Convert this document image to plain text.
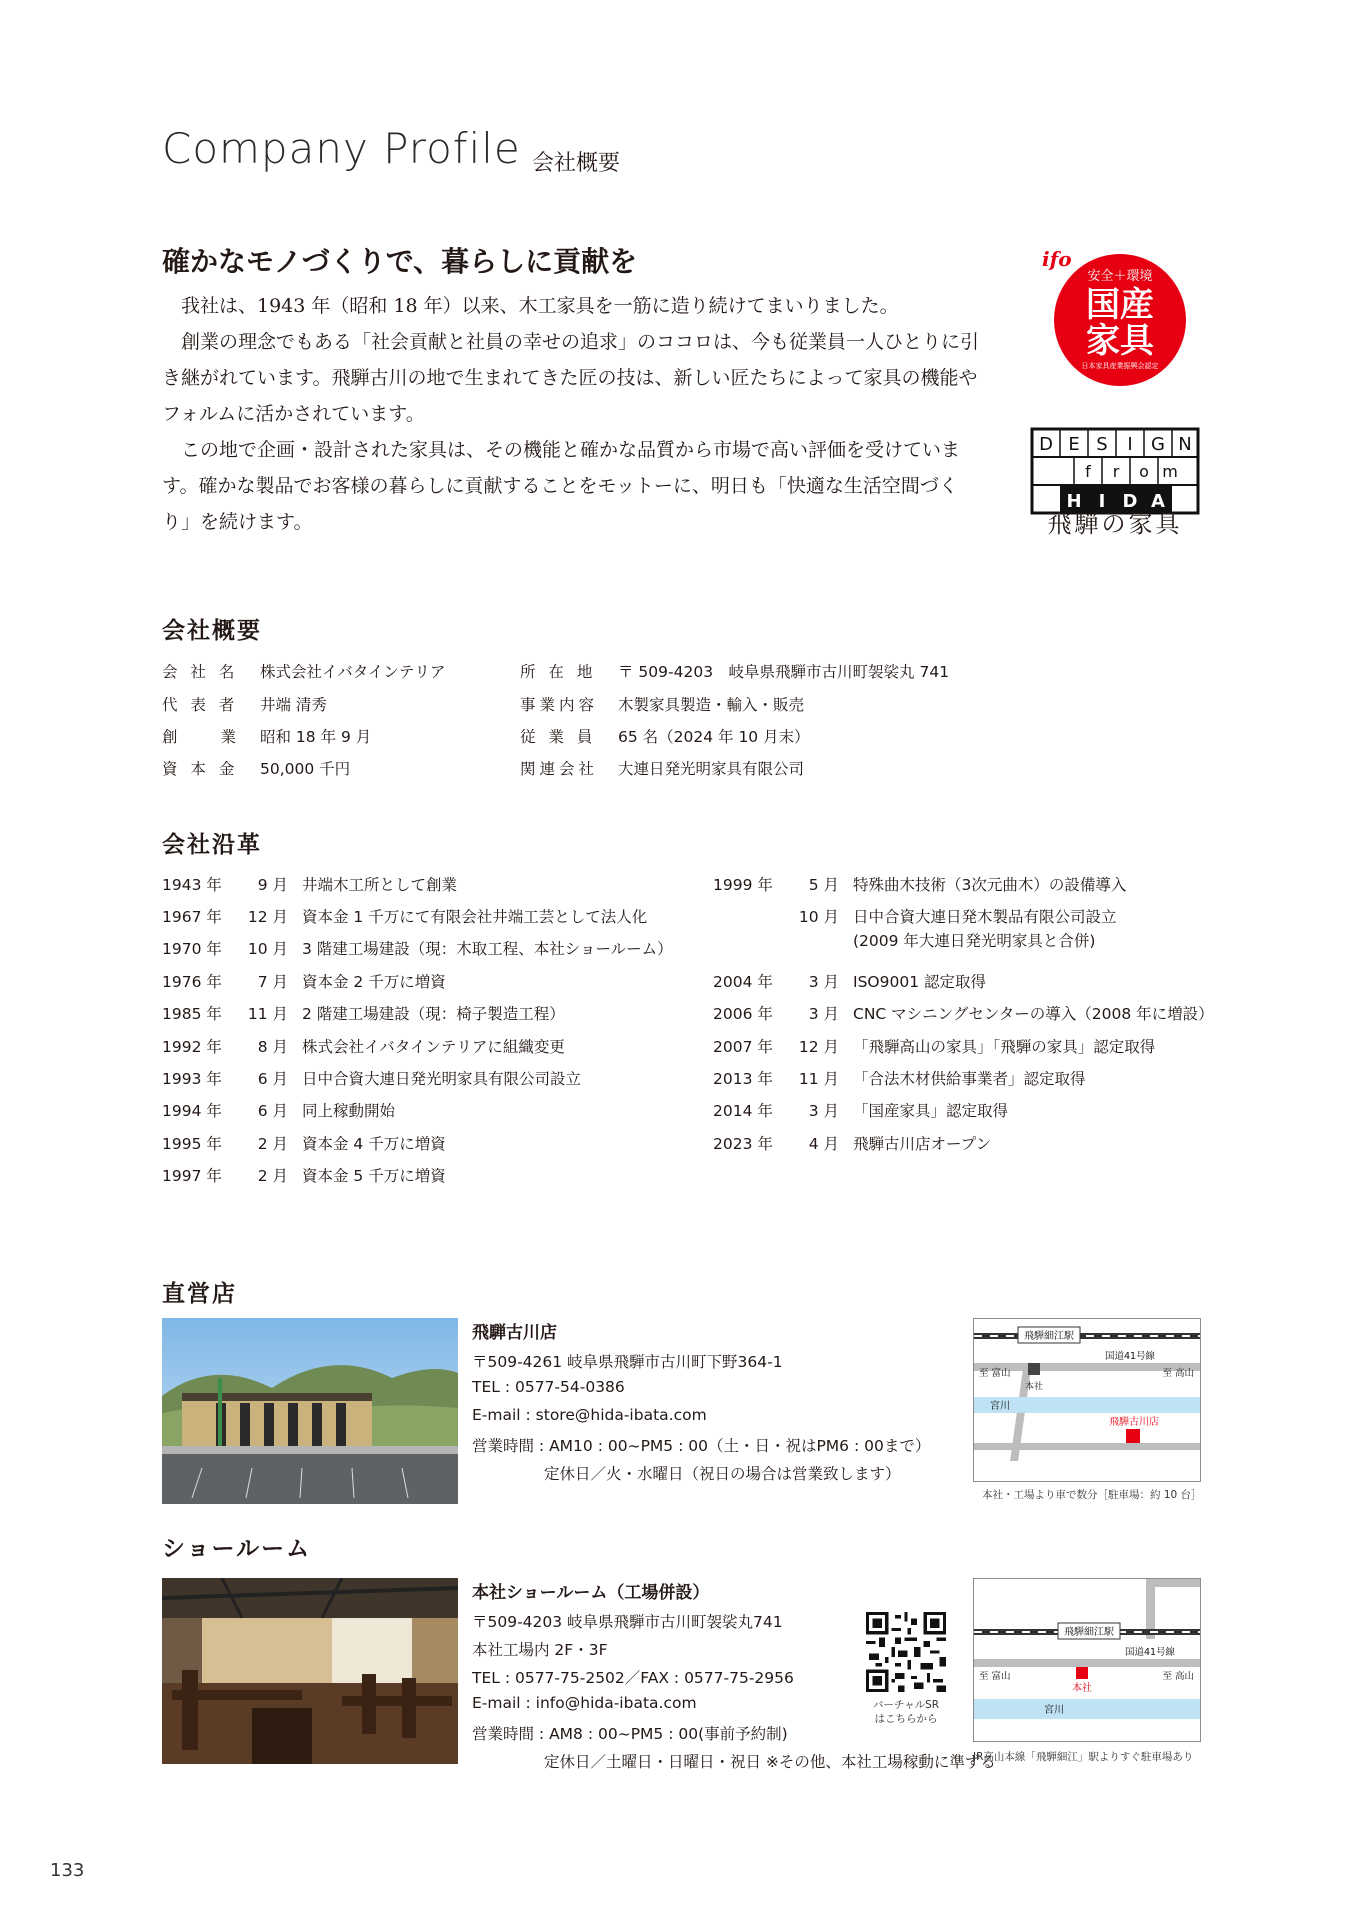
Company Profile 会社概要
確かなモノづくりで、暮らしに貢献を

我社は、1943 年（昭和 18 年）以来、木工家具を一筋に造り続けてまいりました。

創業の理念でもある「社会貢献と社員の幸せの追求」のココロは、今も従業員一人ひとりに引き継がれています。飛騨古川の地で生まれてきた匠の技は、新しい匠たちによって家具の機能やフォルムに活かされています。

この地で企画・設計された家具は、その機能と確かな品質から市場で高い評価を受けています。確かな製品でお客様の暮らしに貢献することをモットーに、明日も「快適な生活空間づくり」を続けます。

ifo
安全＋環境
国産
家具
日本家具産業振興会認定
D E S I G N
f r o m
H I D A
飛騨の家具
会社概要
会 社 名 株式会社イバタインテリア
代 表 者 井端 清秀
創　　業 昭和 18 年 9 月
資 本 金 50,000 千円
所 在 地 〒 509-4203　岐阜県飛騨市古川町袈裟丸 741
事業内容 木製家具製造・輸入・販売
従 業 員 65 名（2024 年 10 月末）
関連会社 大連日発光明家具有限公司
会社沿革
1943 年	9 月 井端木工所として創業
1967 年	12 月 資本金 1 千万にて有限会社井端工芸として法人化
1970 年	10 月 3 階建工場建設（現：木取工程、本社ショールーム）
1976 年	7 月 資本金 2 千万に増資
1985 年	11 月 2 階建工場建設（現：椅子製造工程）
1992 年	8 月 株式会社イバタインテリアに組織変更
1993 年	6 月 日中合資大連日発光明家具有限公司設立
1994 年	6 月 同上稼動開始
1995 年	2 月 資本金 4 千万に増資
1997 年	2 月 資本金 5 千万に増資
1999 年	5 月 特殊曲木技術（3次元曲木）の設備導入
10 月 日中合資大連日発木製品有限公司設立
(2009 年大連日発光明家具と合併)
2004 年	3 月 ISO9001 認定取得
2006 年	3 月 CNC マシニングセンターの導入（2008 年に増設）
2007 年	12 月 「飛騨高山の家具」「飛騨の家具」認定取得
2013 年	11 月 「合法木材供給事業者」認定取得
2014 年	3 月 「国産家具」認定取得
2023 年	4 月 飛騨古川店オープン
直営店
飛騨古川店
〒509-4261 岐阜県飛騨市古川町下野364-1
TEL : 0577-54-0386
E-mail : store@hida-ibata.com
営業時間 : AM10 : 00~PM5 : 00（土・日・祝はPM6 : 00まで）
定休日／火・水曜日（祝日の場合は営業致します）
飛騨細江駅
国道41号線
至 富山	至 高山
本社
宮川
飛騨古川店
本社・工場より車で数分［駐車場：約 10 台］
ショールーム
本社ショールーム（工場併設）
〒509-4203 岐阜県飛騨市古川町袈裟丸741
本社工場内 2F・3F
TEL : 0577-75-2502／FAX : 0577-75-2956
E-mail : info@hida-ibata.com
営業時間 : AM8 : 00~PM5 : 00(事前予約制)
定休日／土曜日・日曜日・祝日 ※その他、本社工場稼動に準ずる
バーチャルSR
はこちらから
飛騨細江駅
国道41号線
至 富山	至 高山
本社
宮川
JR高山本線「飛騨細江」駅よりすぐ駐車場あり
133
